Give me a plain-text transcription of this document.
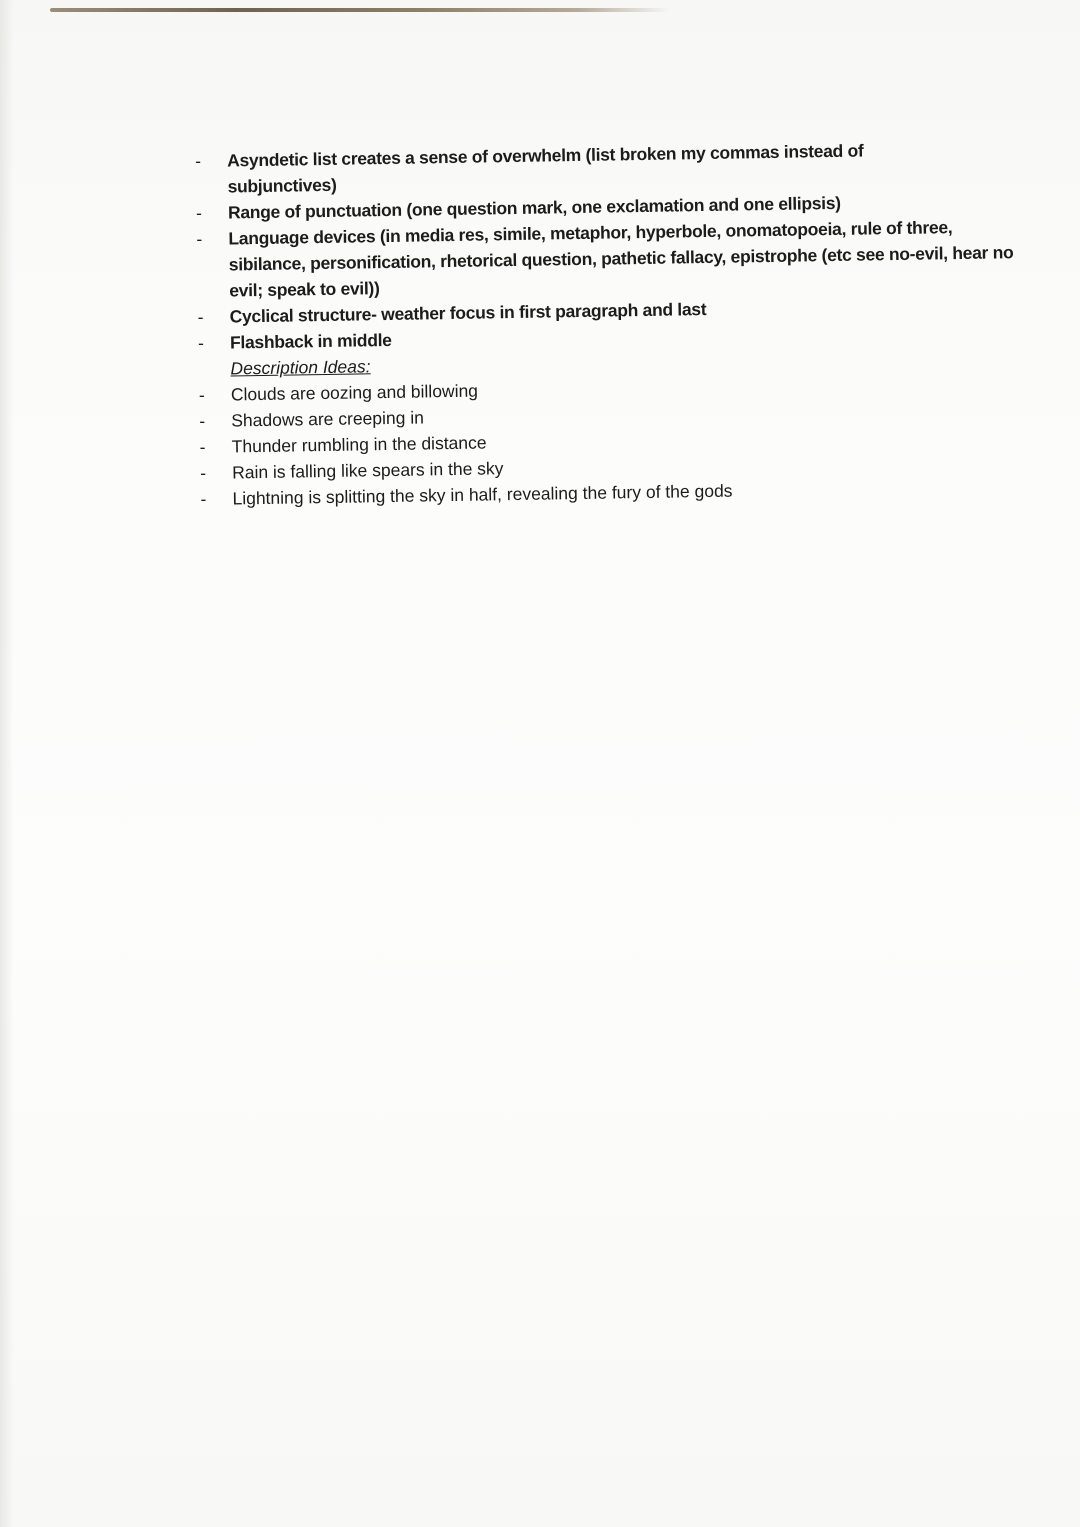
-	Asyndetic list creates a sense of overwhelm (list broken my commas instead of subjunctives)
-	Range of punctuation (one question mark, one exclamation and one ellipsis)
-	Language devices (in media res, simile, metaphor, hyperbole, onomatopoeia, rule of three, sibilance, personification, rhetorical question, pathetic fallacy, epistrophe (etc see no-evil, hear no evil; speak to evil))
-	Cyclical structure- weather focus in first paragraph and last
-	Flashback in middle
Description Ideas:
-	Clouds are oozing and billowing
-	Shadows are creeping in
-	Thunder rumbling in the distance
-	Rain is falling like spears in the sky
-	Lightning is splitting the sky in half, revealing the fury of the gods
